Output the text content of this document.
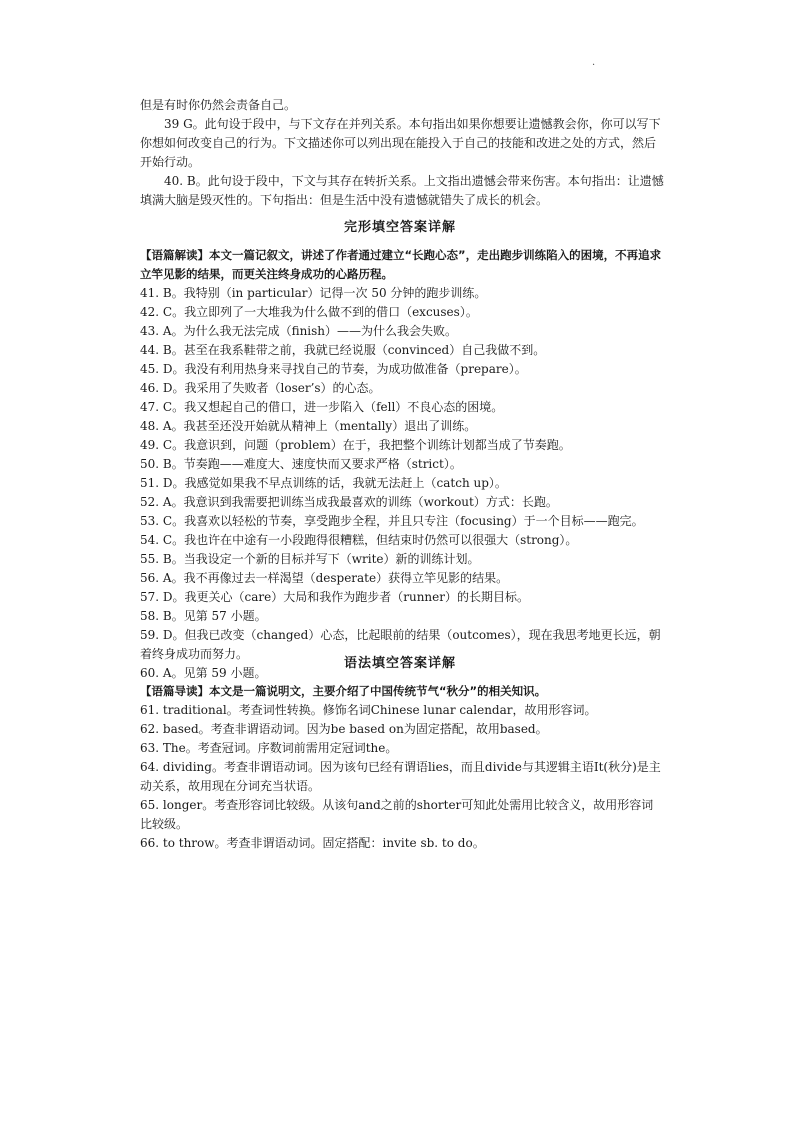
·

但是有时你仍然会责备自己。

39 G。此句设于段中，与下文存在并列关系。本句指出如果你想要让遗憾教会你，你可以写下你想如何改变自己的行为。下文描述你可以列出现在能投入于自己的技能和改进之处的方式，然后开始行动。

40. B。此句设于段中，下文与其存在转折关系。上文指出遗憾会带来伤害。本句指出：让遗憾填满大脑是毁灭性的。下句指出：但是生活中没有遗憾就错失了成长的机会。

完形填空答案详解

【语篇解读】本文一篇记叙文，讲述了作者通过建立“长跑心态”，走出跑步训练陷入的困境，不再追求立竿见影的结果，而更关注终身成功的心路历程。

41. B。我特别（in particular）记得一次 50 分钟的跑步训练。

42. C。我立即列了一大堆我为什么做不到的借口（excuses）。

43. A。为什么我无法完成（finish）——为什么我会失败。

44. B。甚至在我系鞋带之前，我就已经说服（convinced）自己我做不到。

45. D。我没有利用热身来寻找自己的节奏，为成功做准备（prepare）。

46. D。我采用了失败者（loser’s）的心态。

47. C。我又想起自己的借口，进一步陷入（fell）不良心态的困境。

48. A。我甚至还没开始就从精神上（mentally）退出了训练。

49. C。我意识到，问题（problem）在于，我把整个训练计划都当成了节奏跑。

50. B。节奏跑——难度大、速度快而又要求严格（strict）。

51. D。我感觉如果我不早点训练的话，我就无法赶上（catch up）。

52. A。我意识到我需要把训练当成我最喜欢的训练（workout）方式：长跑。

53. C。我喜欢以轻松的节奏，享受跑步全程，并且只专注（focusing）于一个目标——跑完。

54. C。我也许在中途有一小段跑得很糟糕，但结束时仍然可以很强大（strong）。

55. B。当我设定一个新的目标并写下（write）新的训练计划。

56. A。我不再像过去一样渴望（desperate）获得立竿见影的结果。

57. D。我更关心（care）大局和我作为跑步者（runner）的长期目标。

58. B。见第 57 小题。

59. D。但我已改变（changed）心态，比起眼前的结果（outcomes），现在我思考地更长远，朝着终身成功而努力。

60. A。见第 59 小题。

语法填空答案详解

【语篇导读】本文是一篇说明文，主要介绍了中国传统节气“秋分”的相关知识。

61. traditional。考查词性转换。修饰名词Chinese lunar calendar，故用形容词。

62. based。考查非谓语动词。因为be based on为固定搭配，故用based。

63. The。考查冠词。序数词前需用定冠词the。

64. dividing。考查非谓语动词。因为该句已经有谓语lies，而且divide与其逻辑主语It(秋分)是主动关系，故用现在分词充当状语。

65. longer。考查形容词比较级。从该句and之前的shorter可知此处需用比较含义，故用形容词比较级。

66. to throw。考查非谓语动词。固定搭配：invite sb. to do。
